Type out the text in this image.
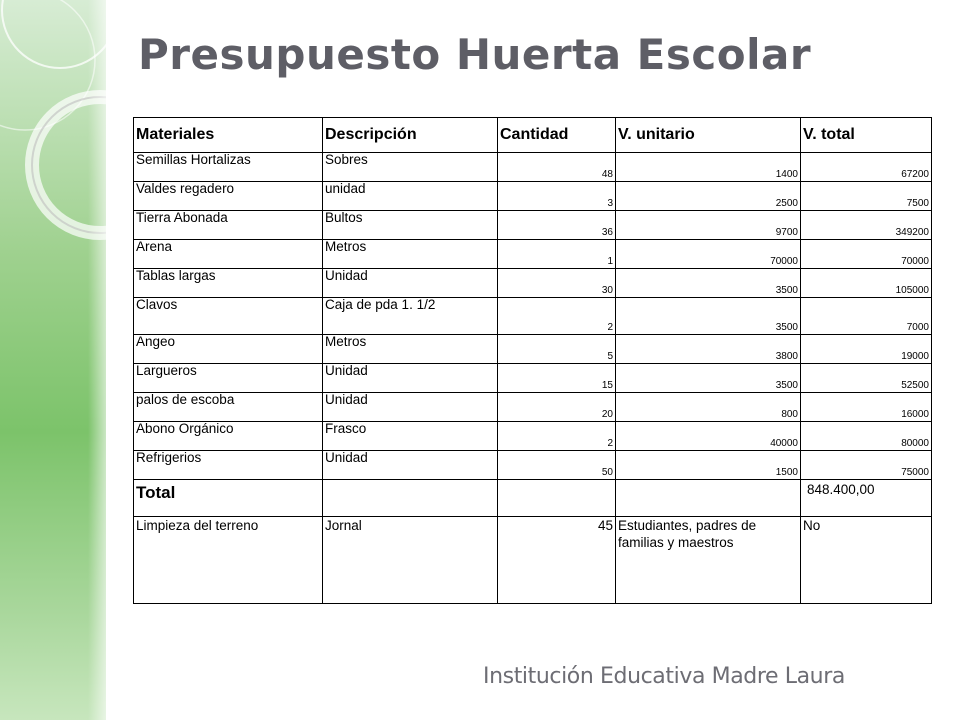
Presupuesto Huerta Escolar
Materiales	Descripción	Cantidad	V. unitario	V. total
Semillas Hortalizas	Sobres	48	1400	67200
Valdes regadero	unidad	3	2500	7500
Tierra Abonada	Bultos	36	9700	349200
Arena	Metros	1	70000	70000
Tablas largas	Unidad	30	3500	105000
Clavos	Caja de pda 1. 1/2	2	3500	7000
Angeo	Metros	5	3800	19000
Largueros	Unidad	15	3500	52500
palos de escoba	Unidad	20	800	16000
Abono Orgánico	Frasco	2	40000	80000
Refrigerios	Unidad	50	1500	75000
Total				848.400,00
Limpieza del terreno	Jornal	45	Estudiantes, padres de familias y maestros	No

Institución Educativa Madre Laura
